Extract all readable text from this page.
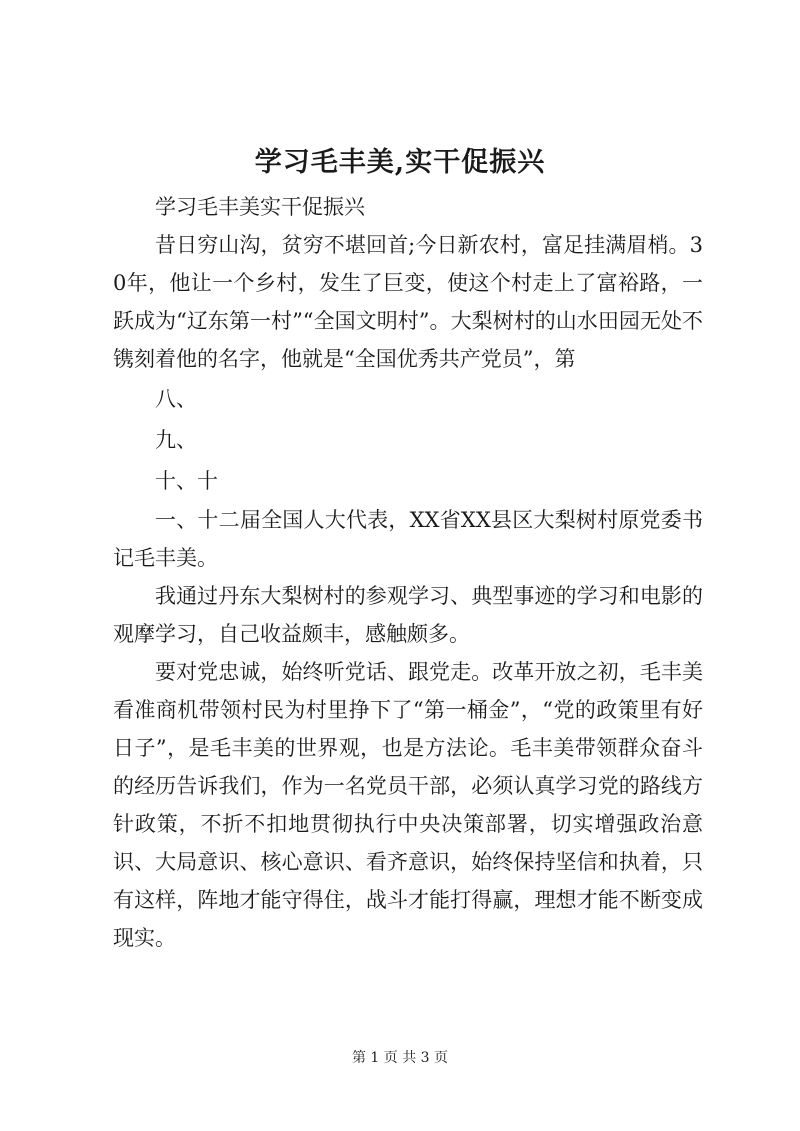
学习毛丰美,实干促振兴

学习毛丰美实干促振兴

昔日穷山沟，贫穷不堪回首;今日新农村，富足挂满眉梢。30年，他让一个乡村，发生了巨变，使这个村走上了富裕路，一跃成为“辽东第一村”“全国文明村”。大梨树村的山水田园无处不镌刻着他的名字，他就是“全国优秀共产党员”，第

八、

九、

十、十

一、十二届全国人大代表，XX省XX县区大梨树村原党委书记毛丰美。

我通过丹东大梨树村的参观学习、典型事迹的学习和电影的观摩学习，自己收益颇丰，感触颇多。

要对党忠诚，始终听党话、跟党走。改革开放之初，毛丰美看准商机带领村民为村里挣下了“第一桶金”，“党的政策里有好日子”，是毛丰美的世界观，也是方法论。毛丰美带领群众奋斗的经历告诉我们，作为一名党员干部，必须认真学习党的路线方针政策，不折不扣地贯彻执行中央决策部署，切实增强政治意识、大局意识、核心意识、看齐意识，始终保持坚信和执着，只有这样，阵地才能守得住，战斗才能打得赢，理想才能不断变成现实。

第 1 页 共 3 页
